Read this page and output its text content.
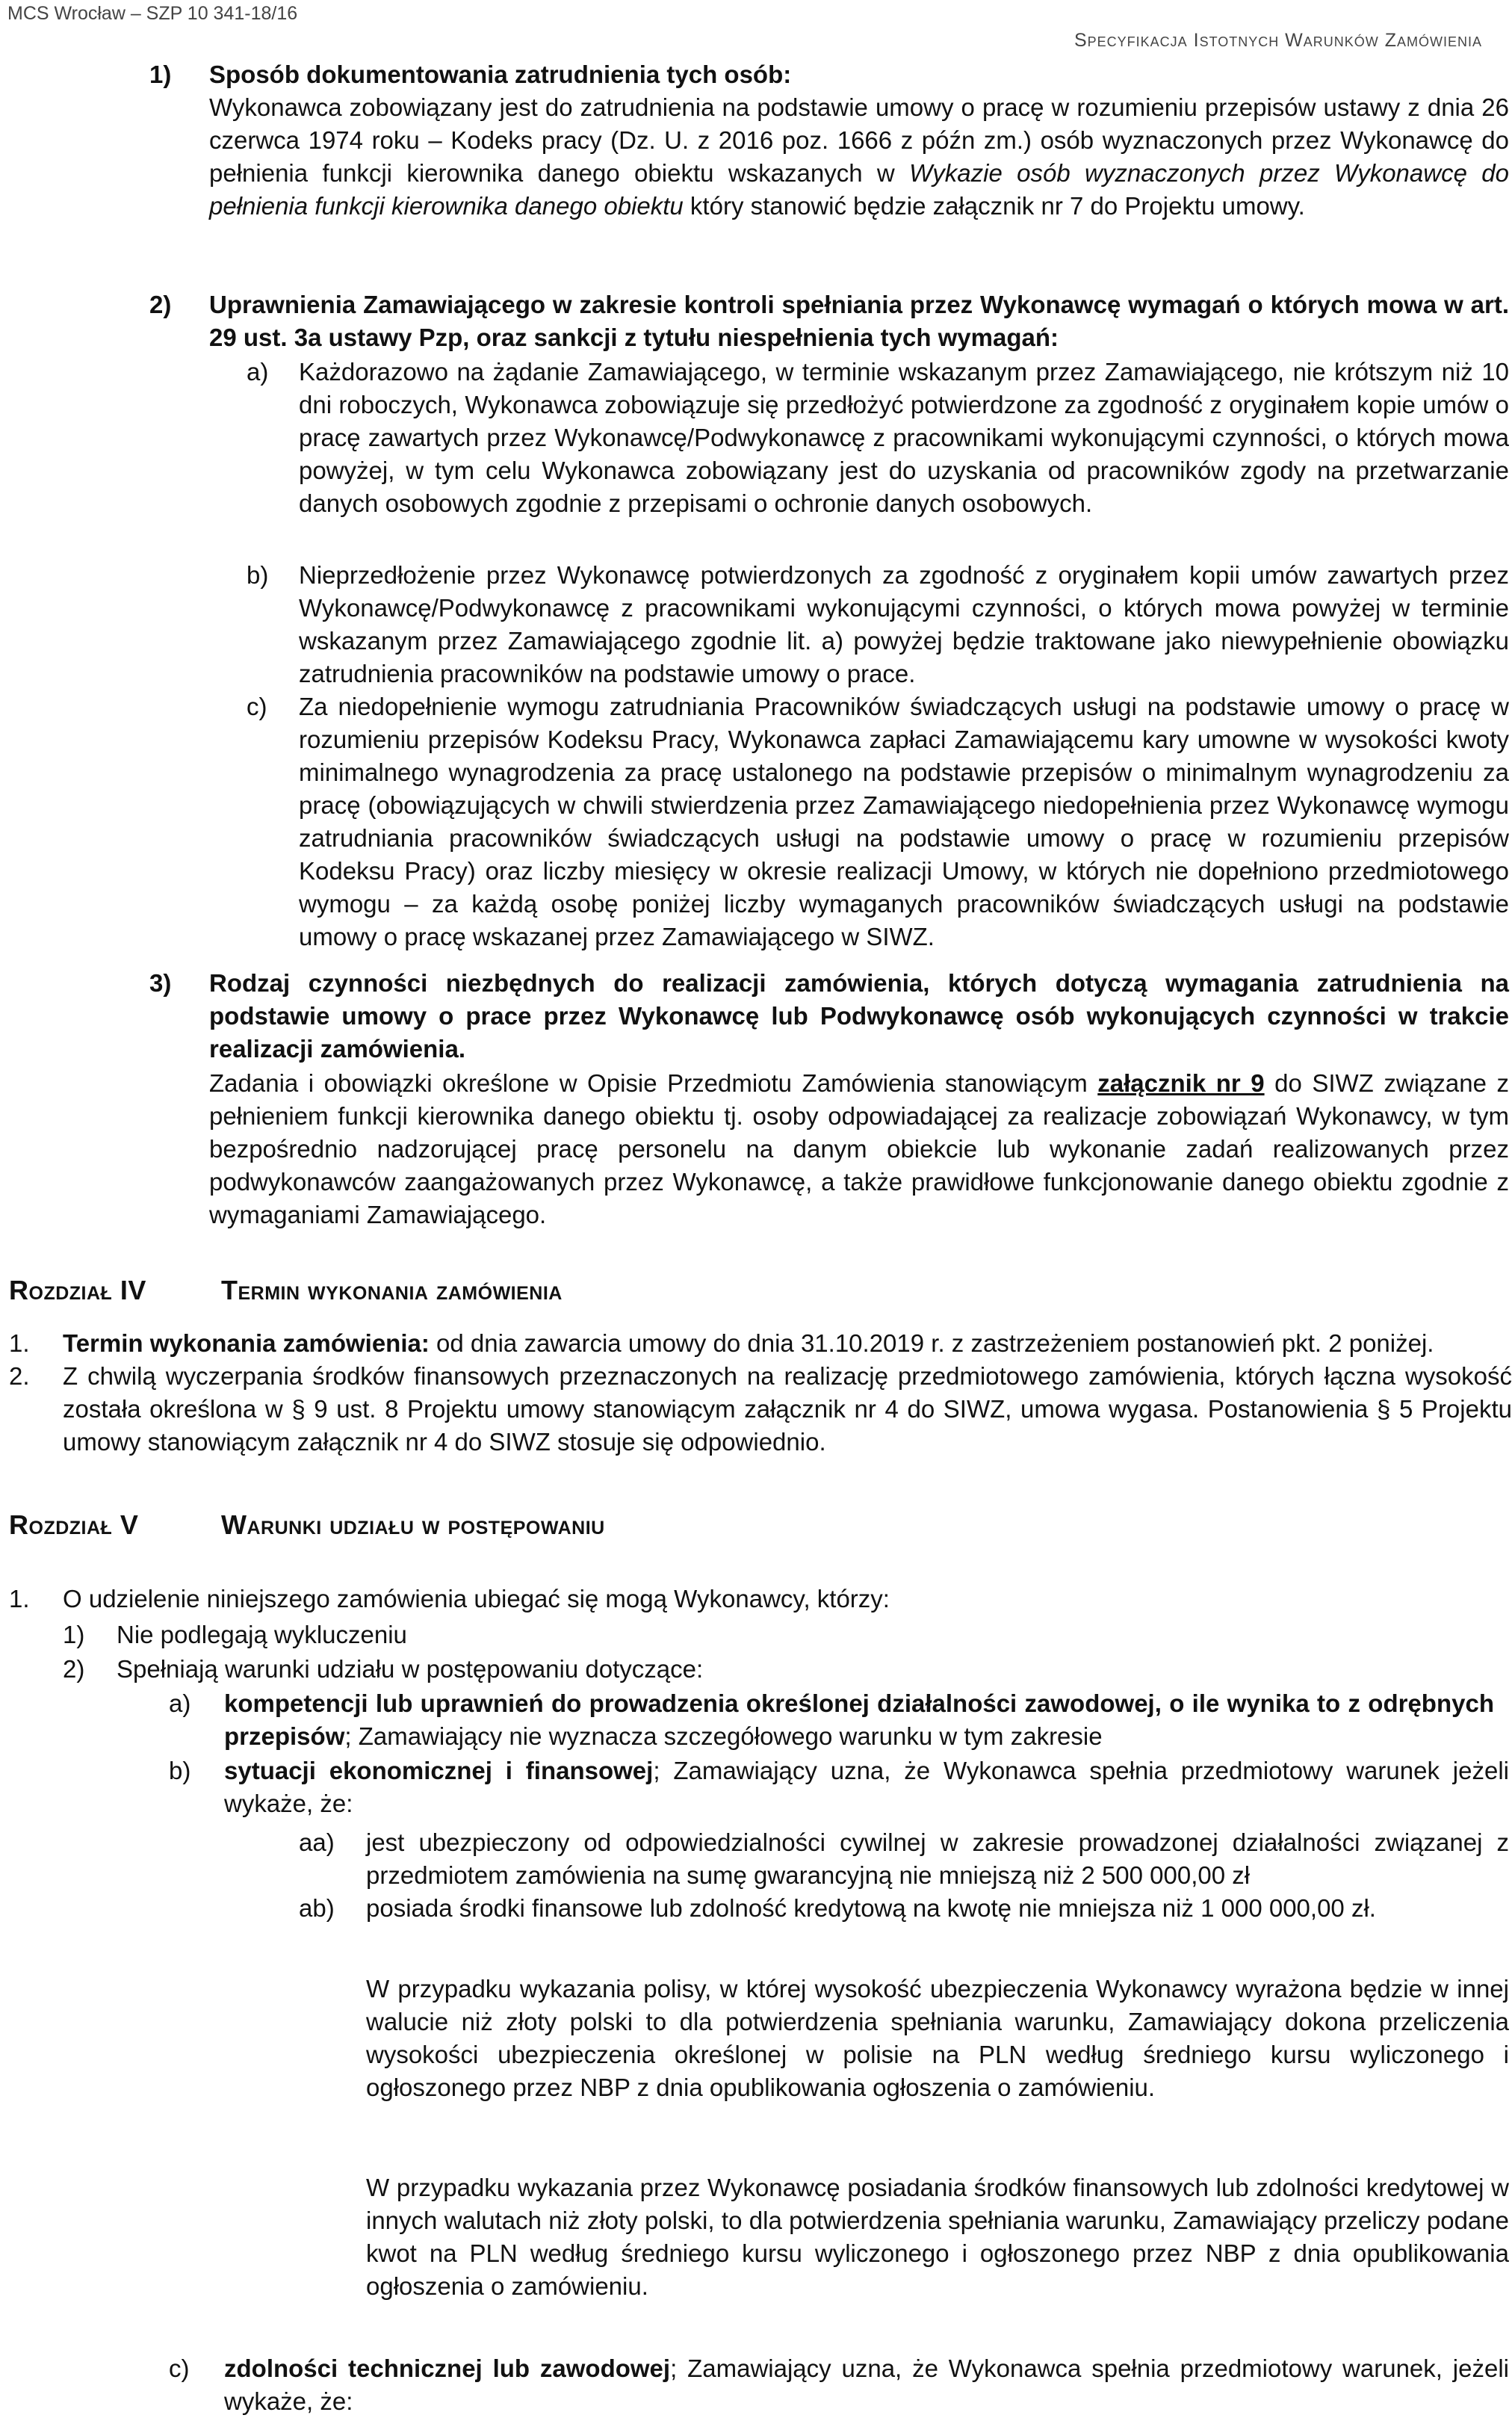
MCS Wrocław – SZP 10 341-18/16
Specyfikacja Istotnych Warunków Zamówienia
1) Sposób dokumentowania zatrudnienia tych osób:
Wykonawca zobowiązany jest do zatrudnienia na podstawie umowy o pracę w rozumieniu przepisów ustawy z dnia 26 czerwca 1974 roku – Kodeks pracy (Dz. U. z 2016 poz. 1666 z późn zm.) osób wyznaczonych przez Wykonawcę do pełnienia funkcji kierownika danego obiektu wskazanych w Wykazie osób wyznaczonych przez Wykonawcę do pełnienia funkcji kierownika danego obiektu który stanowić będzie załącznik nr 7 do Projektu umowy.
2) Uprawnienia Zamawiającego w zakresie kontroli spełniania przez Wykonawcę wymagań o których mowa w art. 29 ust. 3a ustawy Pzp, oraz sankcji z tytułu niespełnienia tych wymagań:
a) Każdorazowo na żądanie Zamawiającego, w terminie wskazanym przez Zamawiającego, nie krótszym niż 10 dni roboczych, Wykonawca zobowiązuje się przedłożyć potwierdzone za zgodność z oryginałem kopie umów o pracę zawartych przez Wykonawcę/Podwykonawcę z pracownikami wykonującymi czynności, o których mowa powyżej, w tym celu Wykonawca zobowiązany jest do uzyskania od pracowników zgody na przetwarzanie danych osobowych zgodnie z przepisami o ochronie danych osobowych.
b) Nieprzedłożenie przez Wykonawcę potwierdzonych za zgodność z oryginałem kopii umów zawartych przez Wykonawcę/Podwykonawcę z pracownikami wykonującymi czynności, o których mowa powyżej w terminie wskazanym przez Zamawiającego zgodnie lit. a) powyżej będzie traktowane jako niewypełnienie obowiązku zatrudnienia pracowników na podstawie umowy o prace.
c) Za niedopełnienie wymogu zatrudniania Pracowników świadczących usługi na podstawie umowy o pracę w rozumieniu przepisów Kodeksu Pracy, Wykonawca zapłaci Zamawiającemu kary umowne w wysokości kwoty minimalnego wynagrodzenia za pracę ustalonego na podstawie przepisów o minimalnym wynagrodzeniu za pracę (obowiązujących w chwili stwierdzenia przez Zamawiającego niedopełnienia przez Wykonawcę wymogu zatrudniania pracowników świadczących usługi na podstawie umowy o pracę w rozumieniu przepisów Kodeksu Pracy) oraz liczby miesięcy w okresie realizacji Umowy, w których nie dopełniono przedmiotowego wymogu – za każdą osobę poniżej liczby wymaganych pracowników świadczących usługi na podstawie umowy o pracę wskazanej przez Zamawiającego w SIWZ.
3) Rodzaj czynności niezbędnych do realizacji zamówienia, których dotyczą wymagania zatrudnienia na podstawie umowy o prace przez Wykonawcę lub Podwykonawcę osób wykonujących czynności w trakcie realizacji zamówienia.
Zadania i obowiązki określone w Opisie Przedmiotu Zamówienia stanowiącym załącznik nr 9 do SIWZ związane z pełnieniem funkcji kierownika danego obiektu tj. osoby odpowiadającej za realizacje zobowiązań Wykonawcy, w tym bezpośrednio nadzorującej pracę personelu na danym obiekcie lub wykonanie zadań realizowanych przez podwykonawców zaangażowanych przez Wykonawcę, a także prawidłowe funkcjonowanie danego obiektu zgodnie z wymaganiami Zamawiającego.
Rozdział IV	Termin wykonania zamówienia
1. Termin wykonania zamówienia: od dnia zawarcia umowy do dnia 31.10.2019 r. z zastrzeżeniem postanowień pkt. 2 poniżej.
2. Z chwilą wyczerpania środków finansowych przeznaczonych na realizację przedmiotowego zamówienia, których łączna wysokość została określona w § 9 ust. 8 Projektu umowy stanowiącym załącznik nr 4 do SIWZ, umowa wygasa. Postanowienia § 5 Projektu umowy stanowiącym załącznik nr 4 do SIWZ stosuje się odpowiednio.
Rozdział V	Warunki udziału w postępowaniu
1. O udzielenie niniejszego zamówienia ubiegać się mogą Wykonawcy, którzy:
1) Nie podlegają wykluczeniu
2) Spełniają warunki udziału w postępowaniu dotyczące:
a) kompetencji lub uprawnień do prowadzenia określonej działalności zawodowej, o ile wynika to z odrębnych przepisów; Zamawiający nie wyznacza szczegółowego warunku w tym zakresie
b) sytuacji ekonomicznej i finansowej; Zamawiający uzna, że Wykonawca spełnia przedmiotowy warunek jeżeli wykaże, że:
aa) jest ubezpieczony od odpowiedzialności cywilnej w zakresie prowadzonej działalności związanej z przedmiotem zamówienia na sumę gwarancyjną nie mniejszą niż 2 500 000,00 zł
ab) posiada środki finansowe lub zdolność kredytową na kwotę nie mniejsza niż 1 000 000,00 zł.
W przypadku wykazania polisy, w której wysokość ubezpieczenia Wykonawcy wyrażona będzie w innej walucie niż złoty polski to dla potwierdzenia spełniania warunku, Zamawiający dokona przeliczenia wysokości ubezpieczenia określonej w polisie na PLN według średniego kursu wyliczonego i ogłoszonego przez NBP z dnia opublikowania ogłoszenia o zamówieniu.
W przypadku wykazania przez Wykonawcę posiadania środków finansowych lub zdolności kredytowej w innych walutach niż złoty polski, to dla potwierdzenia spełniania warunku, Zamawiający przeliczy podane kwot na PLN według średniego kursu wyliczonego i ogłoszonego przez NBP z dnia opublikowania ogłoszenia o zamówieniu.
c) zdolności technicznej lub zawodowej; Zamawiający uzna, że Wykonawca spełnia przedmiotowy warunek, jeżeli wykaże, że:
